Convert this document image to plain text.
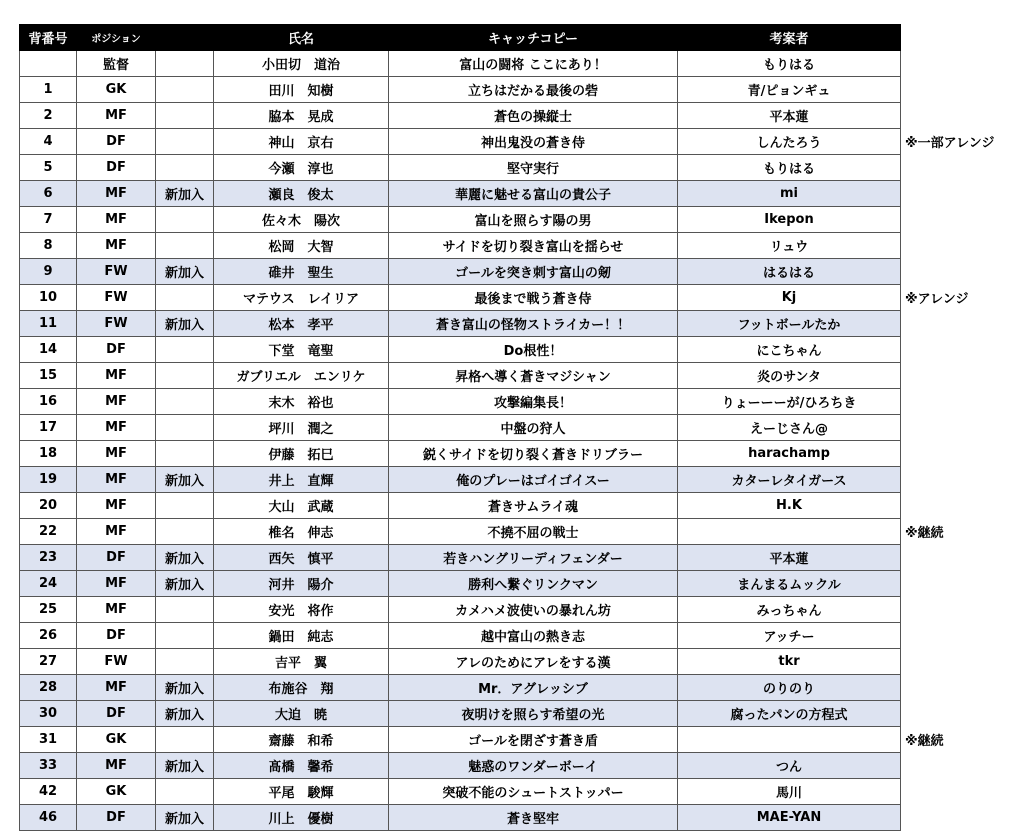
背番号	ポジション		氏名	キャッチコピー	考案者	
	監督		小田切　道治	富山の闘将 ここにあり！	もりはる	
1	GK		田川　知樹	立ちはだかる最後の砦	青/ピョンギュ	
2	MF		脇本　晃成	蒼色の操縦士	平本蓮	
4	DF		神山　京右	神出鬼没の蒼き侍	しんたろう	※一部アレンジ
5	DF		今瀬　淳也	堅守実行	もりはる	
6	MF	新加入	瀬良　俊太	華麗に魅せる富山の貴公子	mi	
7	MF		佐々木　陽次	富山を照らす陽の男	Ikepon	
8	MF		松岡　大智	サイドを切り裂き富山を揺らせ	リュウ	
9	FW	新加入	碓井　聖生	ゴールを突き刺す富山の剱	はるはる	
10	FW		マテウス　レイリア	最後まで戦う蒼き侍	Kj	※アレンジ
11	FW	新加入	松本　孝平	蒼き富山の怪物ストライカー！！	フットボールたか	
14	DF		下堂　竜聖	Do根性！	にこちゃん	
15	MF		ガブリエル　エンリケ	昇格へ導く蒼きマジシャン	炎のサンタ	
16	MF		末木　裕也	攻撃編集長！	りょーーーが/ひろちき	
17	MF		坪川　潤之	中盤の狩人	えーじさん@	
18	MF		伊藤　拓巳	鋭くサイドを切り裂く蒼きドリブラー	harachamp	
19	MF	新加入	井上　直輝	俺のプレーはゴイゴイスー	カターレタイガース	
20	MF		大山　武蔵	蒼きサムライ魂	H.K	
22	MF		椎名　伸志	不撓不屈の戦士		※継続
23	DF	新加入	西矢　慎平	若きハングリーディフェンダー	平本蓮	
24	MF	新加入	河井　陽介	勝利へ繋ぐリンクマン	まんまるムックル	
25	MF		安光　将作	カメハメ波使いの暴れん坊	みっちゃん	
26	DF		鍋田　純志	越中富山の熱き志	アッチー	
27	FW		吉平　翼	アレのためにアレをする漢	tkr	
28	MF	新加入	布施谷　翔	Mr．アグレッシブ	のりのり	
30	DF	新加入	大迫　暁	夜明けを照らす希望の光	腐ったパンの方程式	
31	GK		齋藤　和希	ゴールを閉ざす蒼き盾		※継続
33	MF	新加入	髙橋　馨希	魅惑のワンダーボーイ	つん	
42	GK		平尾　駿輝	突破不能のシュートストッパー	馬川	
46	DF	新加入	川上　優樹	蒼き堅牢	MAE-YAN	
